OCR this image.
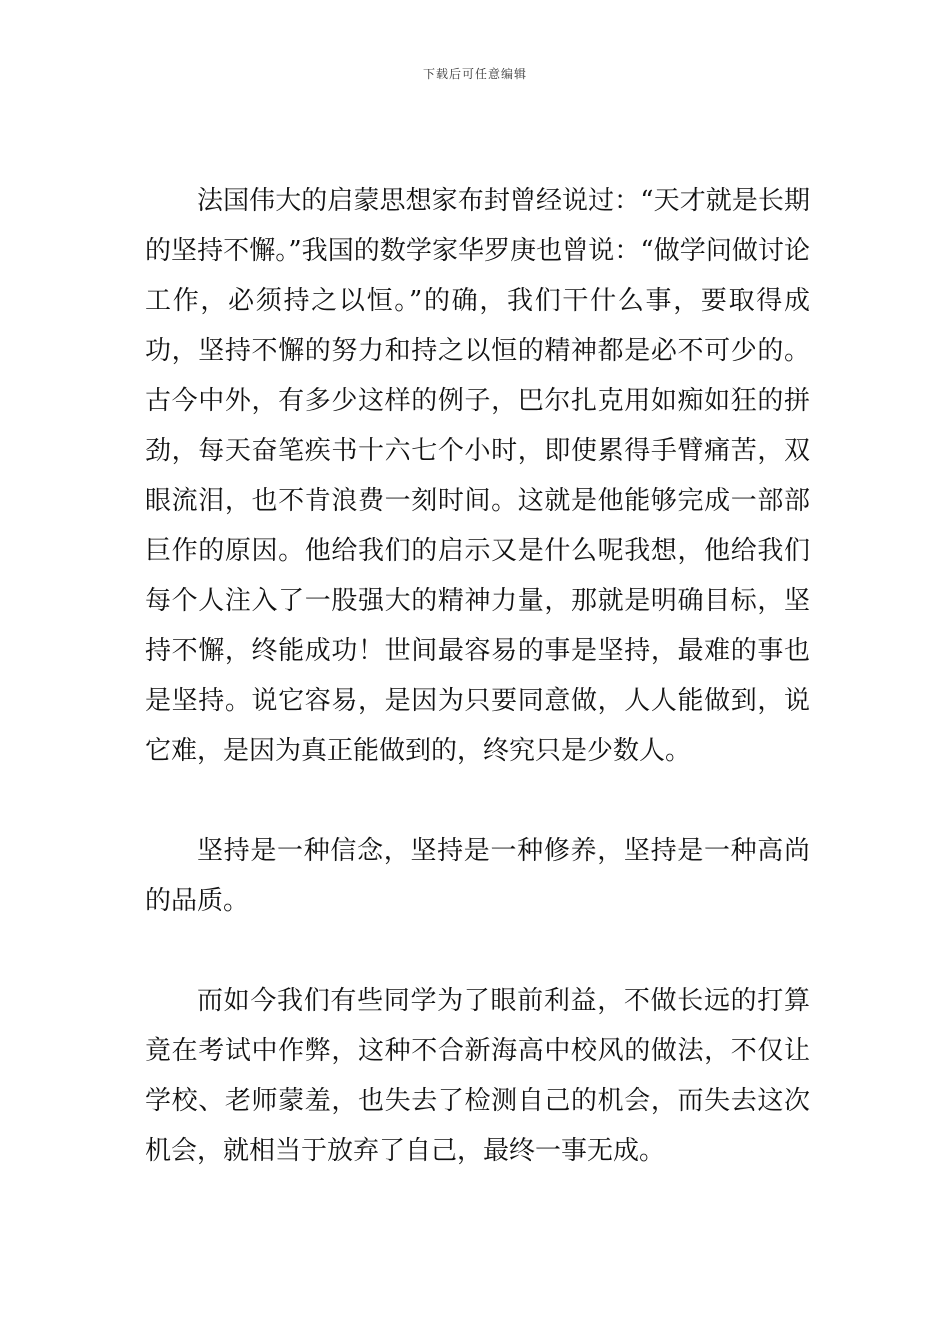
下载后可任意编辑

法国伟大的启蒙思想家布封曾经说过：“天才就是长期的坚持不懈。”我国的数学家华罗庚也曾说：“做学问做讨论工作，必须持之以恒。”的确，我们干什么事，要取得成功，坚持不懈的努力和持之以恒的精神都是必不可少的。古今中外，有多少这样的例子，巴尔扎克用如痴如狂的拼劲，每天奋笔疾书十六七个小时，即使累得手臂痛苦，双眼流泪，也不肯浪费一刻时间。这就是他能够完成一部部巨作的原因。他给我们的启示又是什么呢我想，他给我们每个人注入了一股强大的精神力量，那就是明确目标，坚持不懈，终能成功！世间最容易的事是坚持，最难的事也是坚持。说它容易，是因为只要同意做，人人能做到，说它难，是因为真正能做到的，终究只是少数人。

坚持是一种信念，坚持是一种修养，坚持是一种高尚的品质。

而如今我们有些同学为了眼前利益，不做长远的打算竟在考试中作弊，这种不合新海高中校风的做法，不仅让学校、老师蒙羞，也失去了检测自己的机会，而失去这次机会，就相当于放弃了自己，最终一事无成。
